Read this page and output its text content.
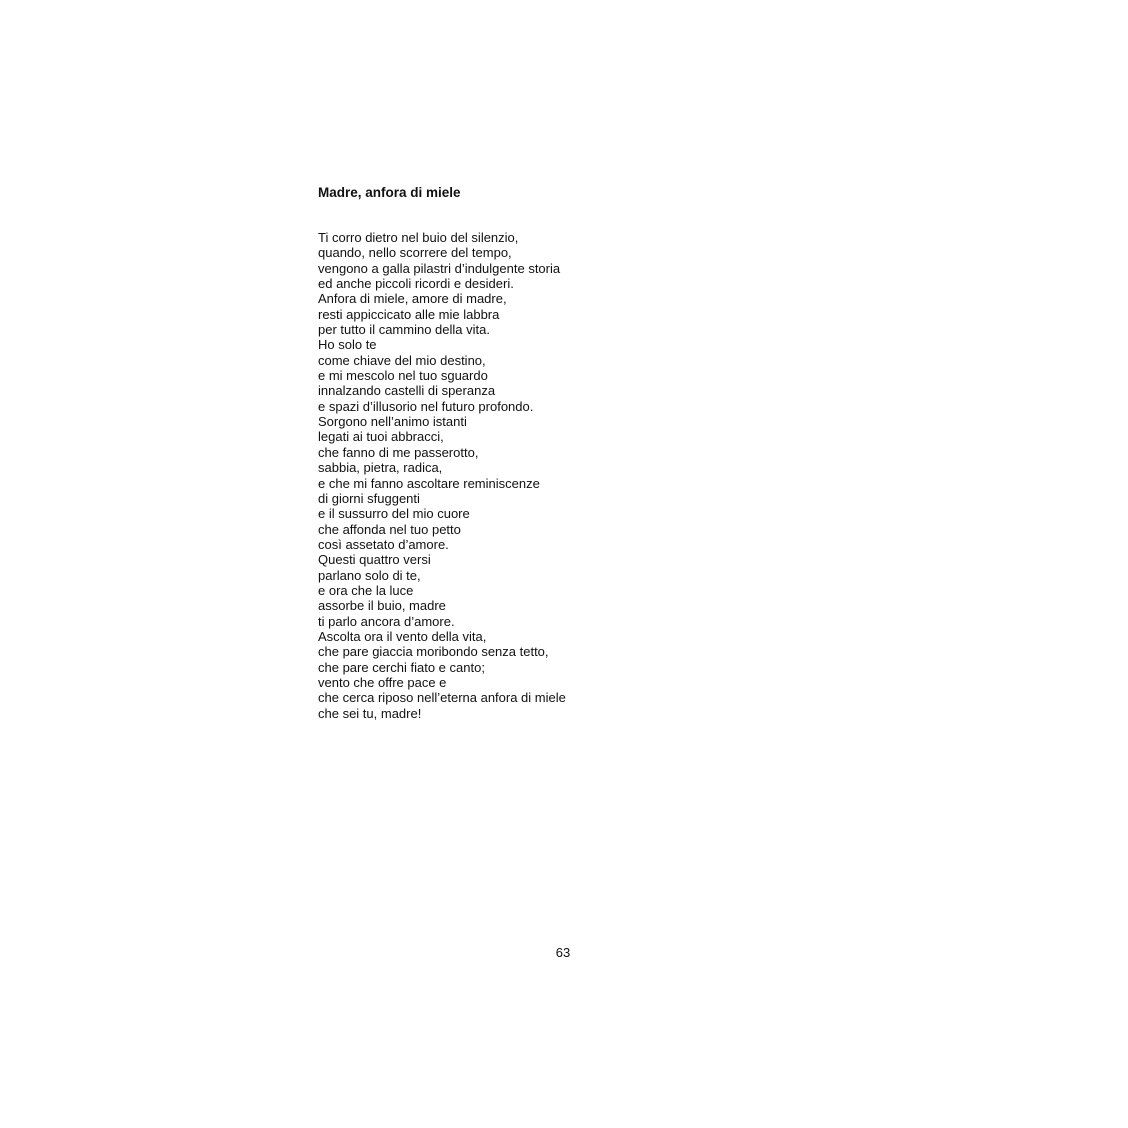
Madre, anfora di miele
Ti corro dietro nel buio del silenzio,
quando, nello scorrere del tempo,
vengono a galla pilastri d’indulgente storia
ed anche piccoli ricordi e desideri.
Anfora di miele, amore di madre,
resti appiccicato alle mie labbra
per tutto il cammino della vita.
Ho solo te
come chiave del mio destino,
e mi mescolo nel tuo sguardo
innalzando castelli di speranza
e spazi d’illusorio nel futuro profondo.
Sorgono nell’animo istanti
legati ai tuoi abbracci,
che fanno di me passerotto,
sabbia, pietra, radica,
e che mi fanno ascoltare reminiscenze
di giorni sfuggenti
e il sussurro del mio cuore
che affonda nel tuo petto
così assetato d’amore.
Questi quattro versi
parlano solo di te,
e ora che la luce
assorbe il buio, madre
ti parlo ancora d’amore.
Ascolta ora il vento della vita,
che pare giaccia moribondo senza tetto,
che pare cerchi fiato e canto;
vento che offre pace e
che cerca riposo nell’eterna anfora di miele
che sei tu, madre!
63
